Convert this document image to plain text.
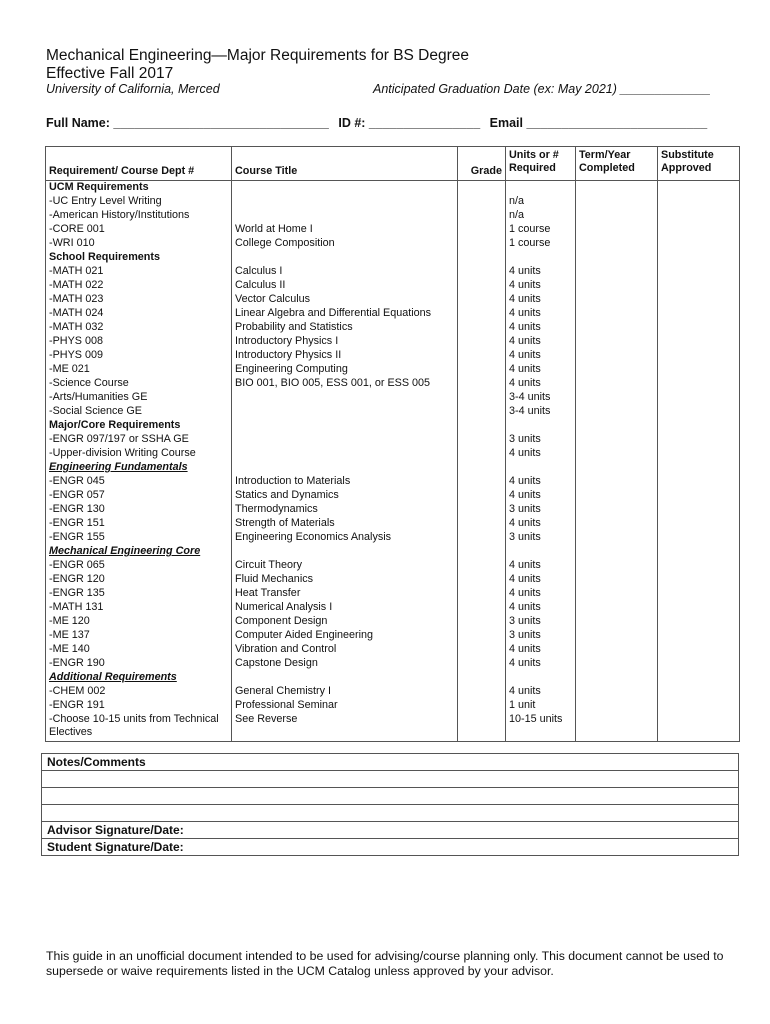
Mechanical Engineering—Major Requirements for BS Degree
Effective Fall 2017
University of California, Merced	Anticipated Graduation Date (ex: May 2021) _____________
Full Name: _______________________________ ID #: ________________ Email __________________________
Requirement/ Course Dept #	Course Title	Grade	Units or # Required	Term/Year Completed	Substitute Approved
UCM Requirements					
-UC Entry Level Writing			n/a		
-American History/Institutions			n/a		
-CORE 001	World at Home I		1 course		
-WRI 010	College Composition		1 course		
School Requirements					
-MATH 021	Calculus I		4 units		
-MATH 022	Calculus II		4 units		
-MATH 023	Vector Calculus		4 units		
-MATH 024	Linear Algebra and Differential Equations		4 units		
-MATH 032	Probability and Statistics		4 units		
-PHYS 008	Introductory Physics I		4 units		
-PHYS 009	Introductory Physics II		4 units		
-ME 021	Engineering Computing		4 units		
-Science Course	BIO 001, BIO 005, ESS 001, or ESS 005		4 units		
-Arts/Humanities GE			3-4 units		
-Social Science GE			3-4 units		
Major/Core Requirements					
-ENGR 097/197 or SSHA GE			3 units		
-Upper-division Writing Course			4 units		
Engineering Fundamentals					
-ENGR 045	Introduction to Materials		4 units		
-ENGR 057	Statics and Dynamics		4 units		
-ENGR 130	Thermodynamics		3 units		
-ENGR 151	Strength of Materials		4 units		
-ENGR 155	Engineering Economics Analysis		3 units		
Mechanical Engineering Core					
-ENGR 065	Circuit Theory		4 units		
-ENGR 120	Fluid Mechanics		4 units		
-ENGR 135	Heat Transfer		4 units		
-MATH 131	Numerical Analysis I		4 units		
-ME 120	Component Design		3 units		
-ME 137	Computer Aided Engineering		3 units		
-ME 140	Vibration and Control		4 units		
-ENGR 190	Capstone Design		4 units		
Additional Requirements					
-CHEM 002	General Chemistry I		4 units		
-ENGR 191	Professional Seminar		1 unit		
-Choose 10-15 units from Technical Electives	See Reverse		10-15 units		
Notes/Comments

Advisor Signature/Date:
Student Signature/Date:
This guide in an unofficial document intended to be used for advising/course planning only. This document cannot be used to supersede or waive requirements listed in the UCM Catalog unless approved by your advisor.
